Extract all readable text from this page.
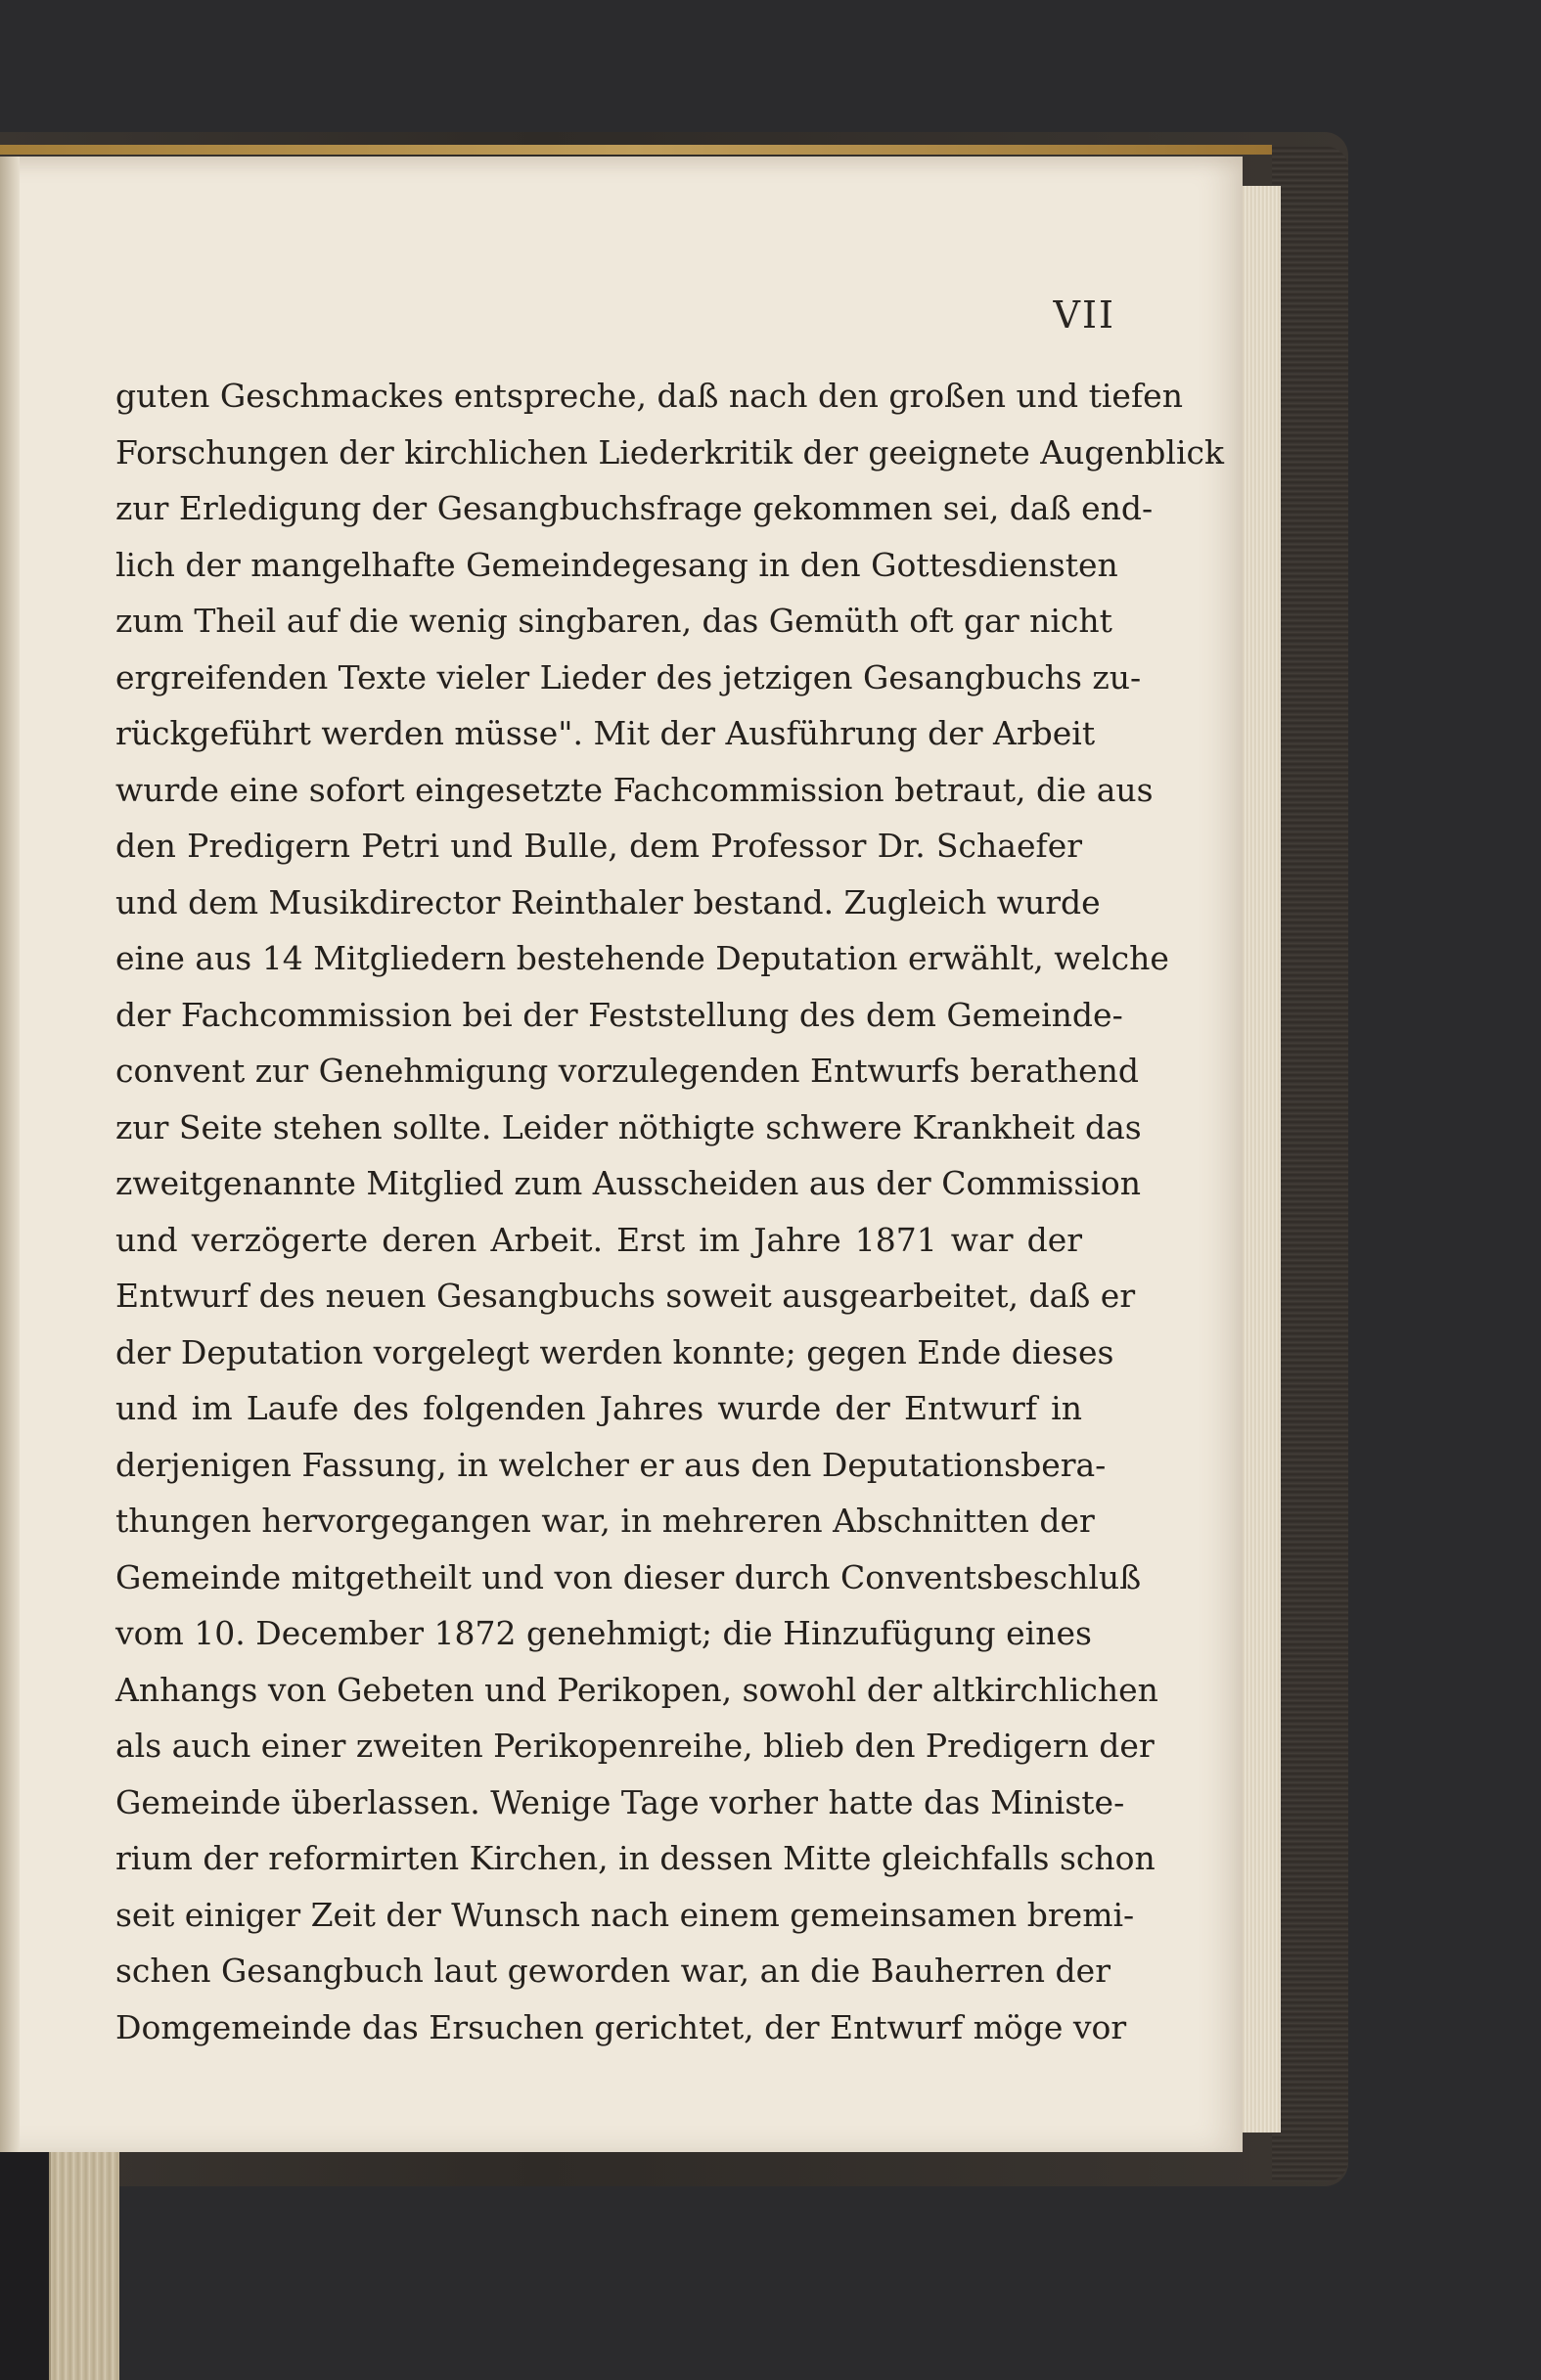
VII
guten Geschmackes entspreche, daß nach den großen und tiefen
Forschungen der kirchlichen Liederkritik der geeignete Augenblick
zur Erledigung der Gesangbuchsfrage gekommen sei, daß end-
lich der mangelhafte Gemeindegesang in den Gottesdiensten
zum Theil auf die wenig singbaren, das Gemüth oft gar nicht
ergreifenden Texte vieler Lieder des jetzigen Gesangbuchs zu-
rückgeführt werden müsse". Mit der Ausführung der Arbeit
wurde eine sofort eingesetzte Fachcommission betraut, die aus
den Predigern Petri und Bulle, dem Professor Dr. Schaefer
und dem Musikdirector Reinthaler bestand. Zugleich wurde
eine aus 14 Mitgliedern bestehende Deputation erwählt, welche
der Fachcommission bei der Feststellung des dem Gemeinde-
convent zur Genehmigung vorzulegenden Entwurfs berathend
zur Seite stehen sollte. Leider nöthigte schwere Krankheit das
zweitgenannte Mitglied zum Ausscheiden aus der Commission
und verzögerte deren Arbeit. Erst im Jahre 1871 war der
Entwurf des neuen Gesangbuchs soweit ausgearbeitet, daß er
der Deputation vorgelegt werden konnte; gegen Ende dieses
und im Laufe des folgenden Jahres wurde der Entwurf in
derjenigen Fassung, in welcher er aus den Deputationsbera-
thungen hervorgegangen war, in mehreren Abschnitten der
Gemeinde mitgetheilt und von dieser durch Conventsbeschluß
vom 10. December 1872 genehmigt; die Hinzufügung eines
Anhangs von Gebeten und Perikopen, sowohl der altkirchlichen
als auch einer zweiten Perikopenreihe, blieb den Predigern der
Gemeinde überlassen. Wenige Tage vorher hatte das Ministe-
rium der reformirten Kirchen, in dessen Mitte gleichfalls schon
seit einiger Zeit der Wunsch nach einem gemeinsamen bremi-
schen Gesangbuch laut geworden war, an die Bauherren der
Domgemeinde das Ersuchen gerichtet, der Entwurf möge vor
